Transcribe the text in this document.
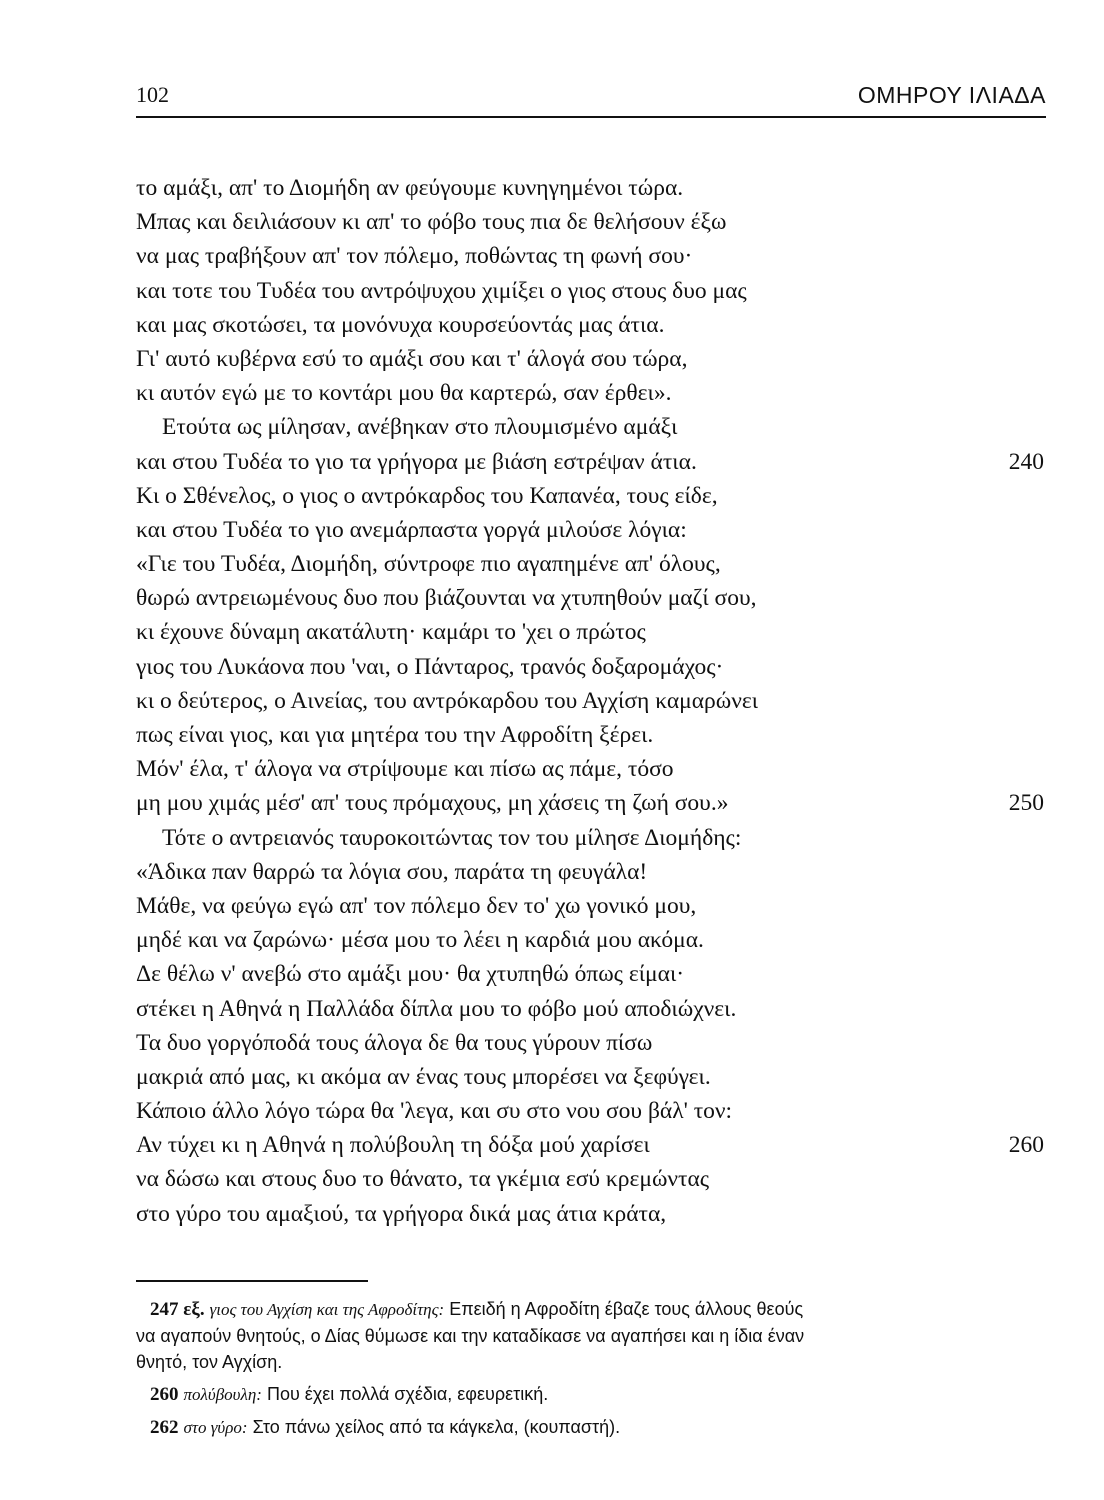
102	ΟΜΗΡΟΥ ΙΛΙΑΔΑ
το αμάξι, απ' το Διομήδη αν φεύγουμε κυνηγημένοι τώρα.
Μπας και δειλιάσουν κι απ' το φόβο τους πια δε θελήσουν έξω
να μας τραβήξουν απ' τον πόλεμο, ποθώντας τη φωνή σου·
και τοτε του Τυδέα του αντρόψυχου χιμίξει ο γιος στους δυο μας
και μας σκοτώσει, τα μονόνυχα κουρσεύοντάς μας άτια.
Γι' αυτό κυβέρνα εσύ το αμάξι σου και τ' άλογά σου τώρα,
κι αυτόν εγώ με το κοντάρι μου θα καρτερώ, σαν έρθει».
Ετούτα ως μίλησαν, ανέβηκαν στο πλουμισμένο αμάξι
και στου Τυδέα το γιο τα γρήγορα με βιάση εστρέψαν άτια.	240
Κι ο Σθένελος, ο γιος ο αντρόκαρδος του Καπανέα, τους είδε,
και στου Τυδέα το γιο ανεμάρπαστα γοργά μιλούσε λόγια:
«Γιε του Τυδέα, Διομήδη, σύντροφε πιο αγαπημένε απ' όλους,
θωρώ αντρειωμένους δυο που βιάζουνται να χτυπηθούν μαζί σου,
κι έχουνε δύναμη ακατάλυτη· καμάρι το 'χει ο πρώτος
γιος του Λυκάονα που 'ναι, ο Πάνταρος, τρανός δοξαρομάχος·
κι ο δεύτερος, ο Αινείας, του αντρόκαρδου του Αγχίση καμαρώνει
πως είναι γιος, και για μητέρα του την Αφροδίτη ξέρει.
Μόν' έλα, τ' άλογα να στρίψουμε και πίσω ας πάμε, τόσο
μη μου χιμάς μέσ' απ' τους πρόμαχους, μη χάσεις τη ζωή σου.»	250
Τότε ο αντρειανός ταυροκοιτώντας τον του μίλησε Διομήδης:
«Άδικα παν θαρρώ τα λόγια σου, παράτα τη φευγάλα!
Μάθε, να φεύγω εγώ απ' τον πόλεμο δεν το' χω γονικό μου,
μηδέ και να ζαρώνω· μέσα μου το λέει η καρδιά μου ακόμα.
Δε θέλω ν' ανεβώ στο αμάξι μου· θα χτυπηθώ όπως είμαι·
στέκει η Αθηνά η Παλλάδα δίπλα μου το φόβο μού αποδιώχνει.
Τα δυο γοργόποδά τους άλογα δε θα τους γύρουν πίσω
μακριά από μας, κι ακόμα αν ένας τους μπορέσει να ξεφύγει.
Κάποιο άλλο λόγο τώρα θα 'λεγα, και συ στο νου σου βάλ' τον:
Αν τύχει κι η Αθηνά η πολύβουλη τη δόξα μού χαρίσει	260
να δώσω και στους δυο το θάνατο, τα γκέμια εσύ κρεμώντας
στο γύρο του αμαξιού, τα γρήγορα δικά μας άτια κράτα,
247 εξ. γιος του Αγχίση και της Αφροδίτης: Επειδή η Αφροδίτη έβαζε τους άλλους θεούς
να αγαπούν θνητούς, ο Δίας θύμωσε και την καταδίκασε να αγαπήσει και η ίδια έναν
θνητό, τον Αγχίση.
260 πολύβουλη: Που έχει πολλά σχέδια, εφευρετική.
262 στο γύρο: Στο πάνω χείλος από τα κάγκελα, (κουπαστή).
